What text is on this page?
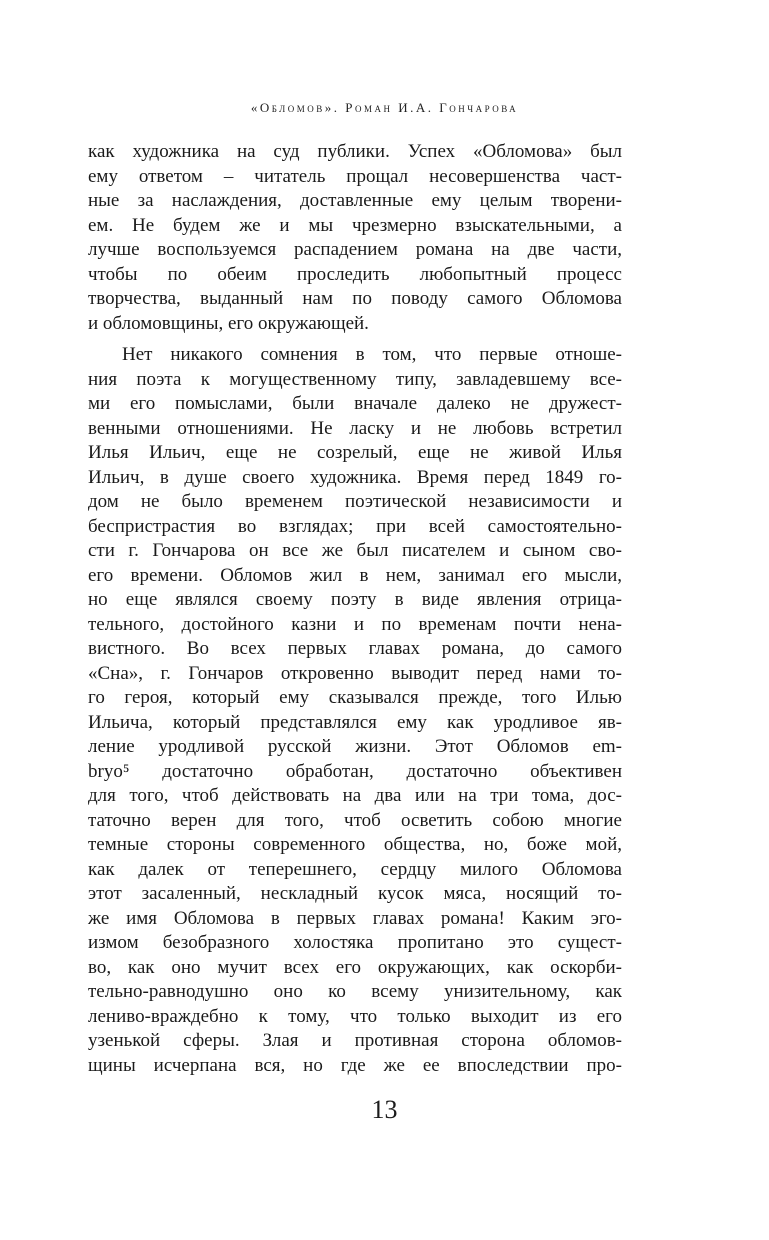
«Обломов». Роман И.А. Гончарова
как художника на суд публики. Успех «Обломова» был
ему ответом – читатель прощал несовершенства част-
ные за наслаждения, доставленные ему целым творени-
ем. Не будем же и мы чрезмерно взыскательными, а
лучше воспользуемся распадением романа на две части,
чтобы по обеим проследить любопытный процесс
творчества, выданный нам по поводу самого Обломова
и обломовщины, его окружающей.
Нет никакого сомнения в том, что первые отноше-
ния поэта к могущественному типу, завладевшему все-
ми его помыслами, были вначале далеко не дружест-
венными отношениями. Не ласку и не любовь встретил
Илья Ильич, еще не созрелый, еще не живой Илья
Ильич, в душе своего художника. Время перед 1849 го-
дом не было временем поэтической независимости и
беспристрастия во взглядах; при всей самостоятельно-
сти г. Гончарова он все же был писателем и сыном сво-
его времени. Обломов жил в нем, занимал его мысли,
но еще являлся своему поэту в виде явления отрица-
тельного, достойного казни и по временам почти нена-
вистного. Во всех первых главах романа, до самого
«Сна», г. Гончаров откровенно выводит перед нами то-
го героя, который ему сказывался прежде, того Илью
Ильича, который представлялся ему как уродливое яв-
ление уродливой русской жизни. Этот Обломов em-
bryo⁵ достаточно обработан, достаточно объективен
для того, чтоб действовать на два или на три тома, дос-
таточно верен для того, чтоб осветить собою многие
темные стороны современного общества, но, боже мой,
как далек от теперешнего, сердцу милого Обломова
этот засаленный, нескладный кусок мяса, носящий то-
же имя Обломова в первых главах романа! Каким эго-
измом безобразного холостяка пропитано это сущест-
во, как оно мучит всех его окружающих, как оскорби-
тельно-равнодушно оно ко всему унизительному, как
лениво-враждебно к тому, что только выходит из его
узенькой сферы. Злая и противная сторона обломов-
щины исчерпана вся, но где же ее впоследствии про-
13
